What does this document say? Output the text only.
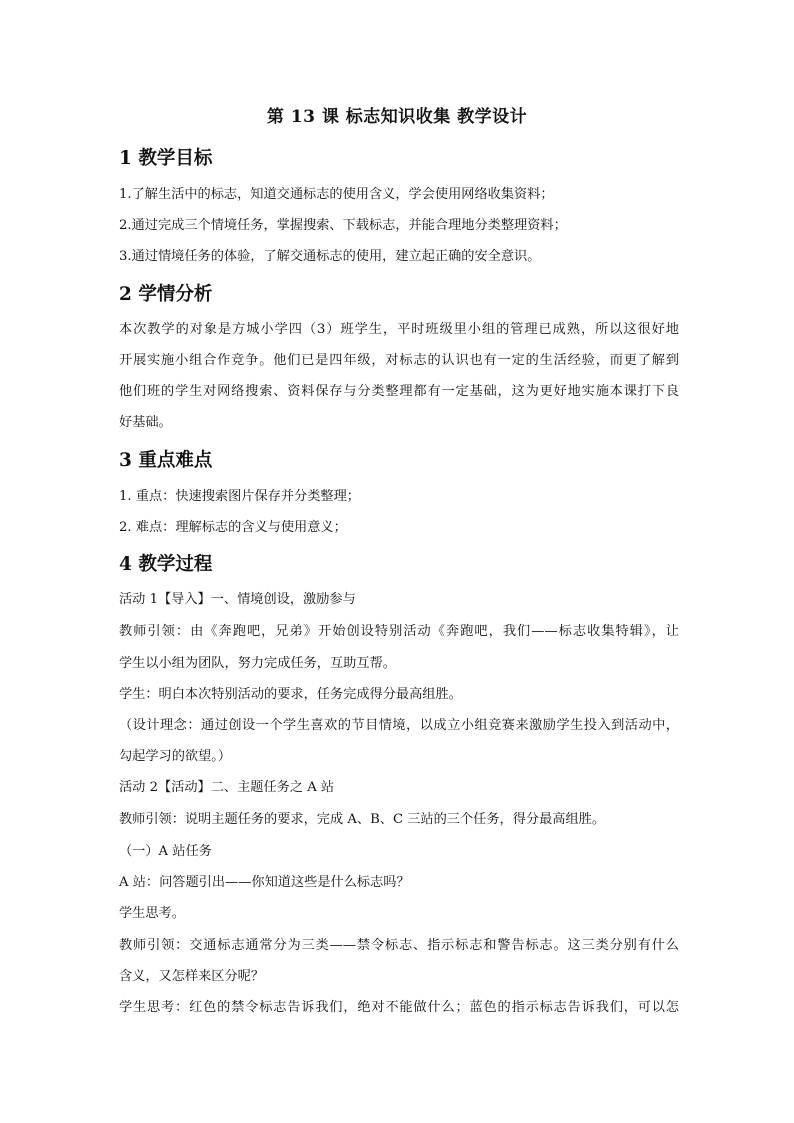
第 13 课 标志知识收集 教学设计
1 教学目标
1.了解生活中的标志，知道交通标志的使用含义，学会使用网络收集资料；
2.通过完成三个情境任务，掌握搜索、下载标志，并能合理地分类整理资料；
3.通过情境任务的体验，了解交通标志的使用，建立起正确的安全意识。
2 学情分析
本次教学的对象是方城小学四（3）班学生，平时班级里小组的管理已成熟，所以这很好地
开展实施小组合作竞争。他们已是四年级，对标志的认识也有一定的生活经验，而更了解到
他们班的学生对网络搜索、资料保存与分类整理都有一定基础，这为更好地实施本课打下良
好基础。
3 重点难点
1. 重点：快速搜索图片保存并分类整理；
2. 难点：理解标志的含义与使用意义；
4 教学过程
活动 1【导入】一、情境创设，激励参与
教师引领：由《奔跑吧，兄弟》开始创设特别活动《奔跑吧，我们——标志收集特辑》，让
学生以小组为团队，努力完成任务，互助互帮。
学生：明白本次特别活动的要求，任务完成得分最高组胜。
（设计理念：通过创设一个学生喜欢的节目情境，以成立小组竞赛来激励学生投入到活动中，
勾起学习的欲望。）
活动 2【活动】二、主题任务之 A 站
教师引领：说明主题任务的要求，完成 A、B、C 三站的三个任务，得分最高组胜。
（一）A 站任务
A 站：问答题引出——你知道这些是什么标志吗？
学生思考。
教师引领：交通标志通常分为三类——禁令标志、指示标志和警告标志。这三类分别有什么
含义，又怎样来区分呢？
学生思考：红色的禁令标志告诉我们，绝对不能做什么；蓝色的指示标志告诉我们，可以怎
